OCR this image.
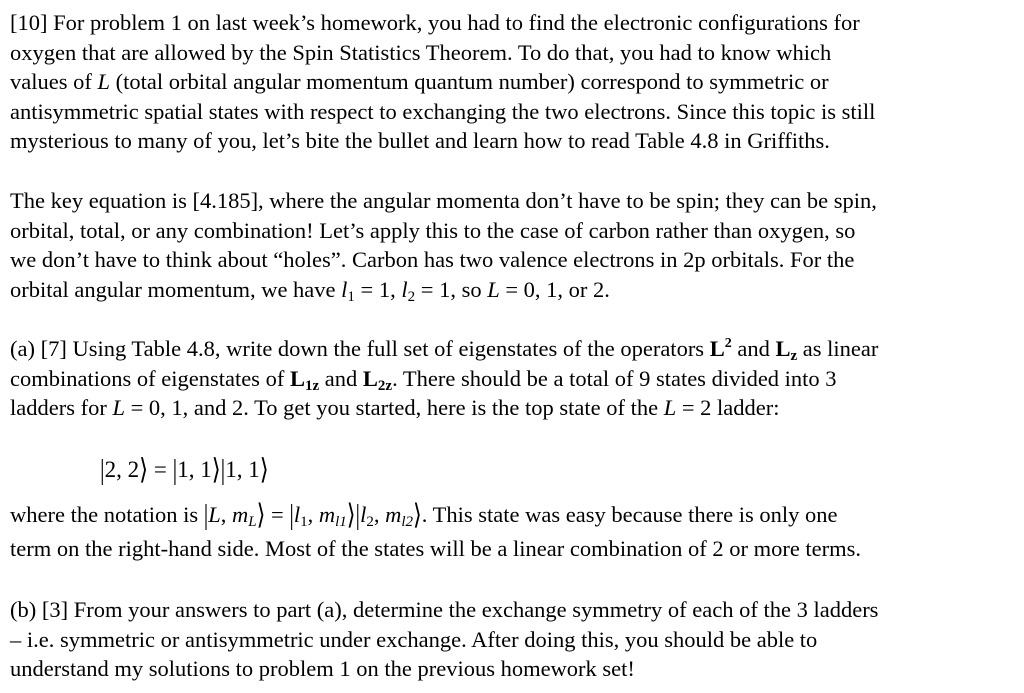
[10] For problem 1 on last week’s homework, you had to find the electronic configurations for
oxygen that are allowed by the Spin Statistics Theorem. To do that, you had to know which
values of L (total orbital angular momentum quantum number) correspond to symmetric or
antisymmetric spatial states with respect to exchanging the two electrons. Since this topic is still
mysterious to many of you, let’s bite the bullet and learn how to read Table 4.8 in Griffiths.

The key equation is [4.185], where the angular momenta don’t have to be spin; they can be spin,
orbital, total, or any combination! Let’s apply this to the case of carbon rather than oxygen, so
we don’t have to think about “holes”. Carbon has two valence electrons in 2p orbitals. For the
orbital angular momentum, we have $l_1 = 1$, $l_2 = 1$, so L = 0, 1, or 2.

(a) [7] Using Table 4.8, write down the full set of eigenstates of the operators $L^2$ and $L_z$ as linear
combinations of eigenstates of $L_{1z}$ and $L_{2z}$. There should be a total of 9 states divided into 3
ladders for L = 0, 1, and 2. To get you started, here is the top state of the L = 2 ladder:

|2, 2⟩ = |1, 1⟩|1, 1⟩

where the notation is |L, $m_L⟩ = |l_1$, $m_{l1}⟩|l_2$, $m_{l2}⟩$. This state was easy because there is only one
term on the right-hand side. Most of the states will be a linear combination of 2 or more terms.

(b) [3] From your answers to part (a), determine the exchange symmetry of each of the 3 ladders
– i.e. symmetric or antisymmetric under exchange. After doing this, you should be able to
understand my solutions to problem 1 on the previous homework set!
